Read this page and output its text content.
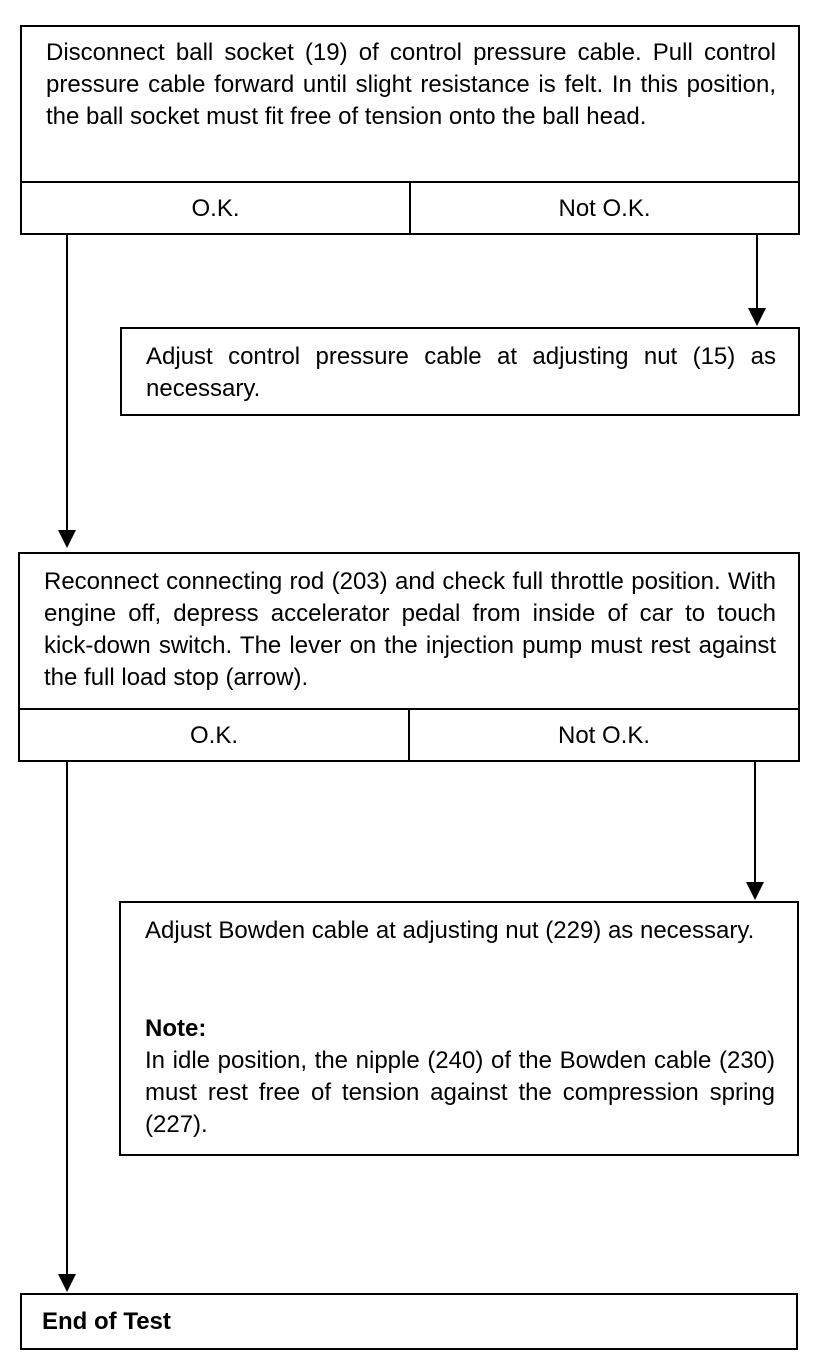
Disconnect ball socket (19) of control pressure cable. Pull control pressure cable forward until slight resistance is felt. In this position, the ball socket must fit free of tension onto the ball head.
O.K.	Not O.K.
Adjust control pressure cable at adjusting nut (15) as necessary.
Reconnect connecting rod (203) and check full throttle position. With engine off, depress accelerator pedal from inside of car to touch kick-down switch. The lever on the injection pump must rest against the full load stop (arrow).
O.K.	Not O.K.
Adjust Bowden cable at adjusting nut (229) as necessary.
Note:
In idle position, the nipple (240) of the Bowden cable (230) must rest free of tension against the compression spring (227).
End of Test
